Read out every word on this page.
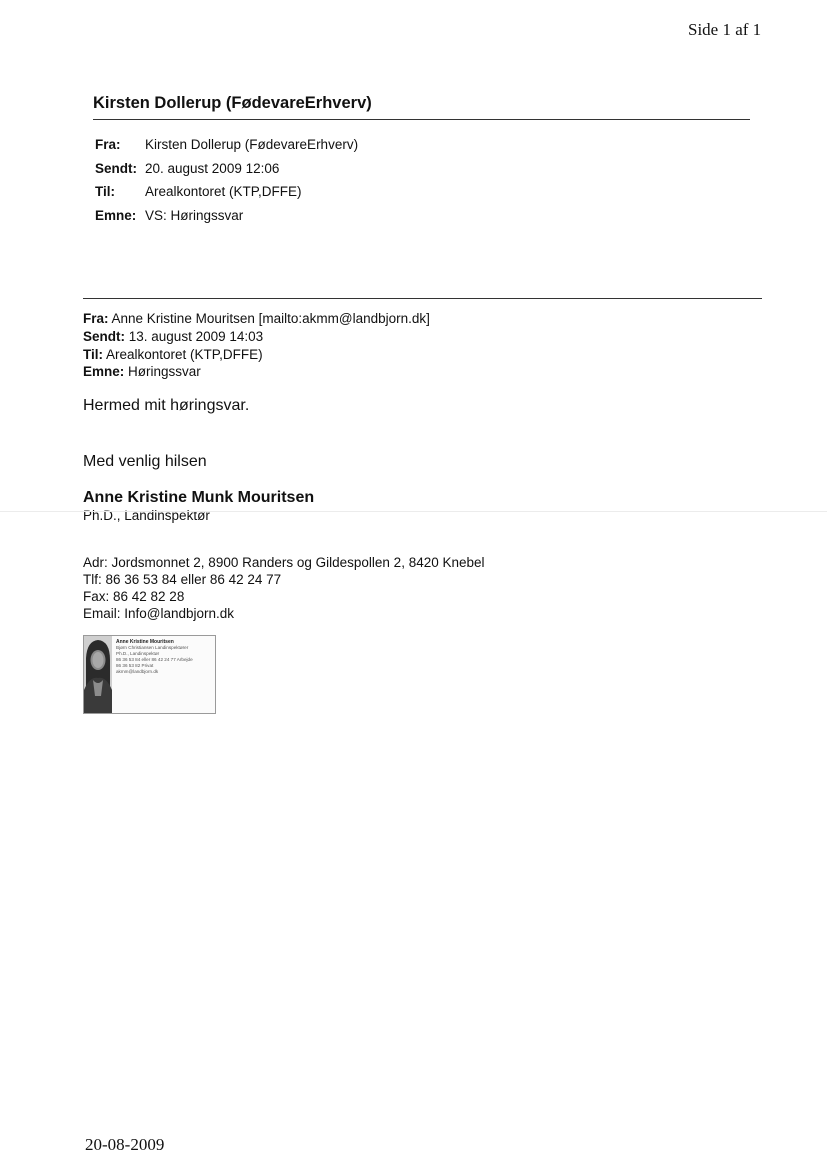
Side 1 af 1
Kirsten Dollerup (FødevareErhverv)
Fra: Kirsten Dollerup (FødevareErhverv)
Sendt: 20. august 2009 12:06
Til: Arealkontoret (KTP,DFFE)
Emne: VS: Høringssvar
Fra: Anne Kristine Mouritsen [mailto:akmm@landbjorn.dk]
Sendt: 13. august 2009 14:03
Til: Arealkontoret (KTP,DFFE)
Emne: Høringssvar
Hermed mit høringsvar.
Med venlig hilsen
Anne Kristine Munk Mouritsen
Ph.D., Landinspektør
Adr: Jordsmonnet 2, 8900 Randers og Gildespollen 2, 8420 Knebel
Tlf: 86 36 53 84 eller 86 42 24 77
Fax: 86 42 82 28
Email: Info@landbjorn.dk
Anne Kristine Mouritsen
Bjørn Christiansen Landinspektører
Ph.D., Landinspektør
86 36 53 84 eller 86 42 24 77 Arbejde
86 36 53 82 Privat
akmm@landbjorn.dk
20-08-2009
